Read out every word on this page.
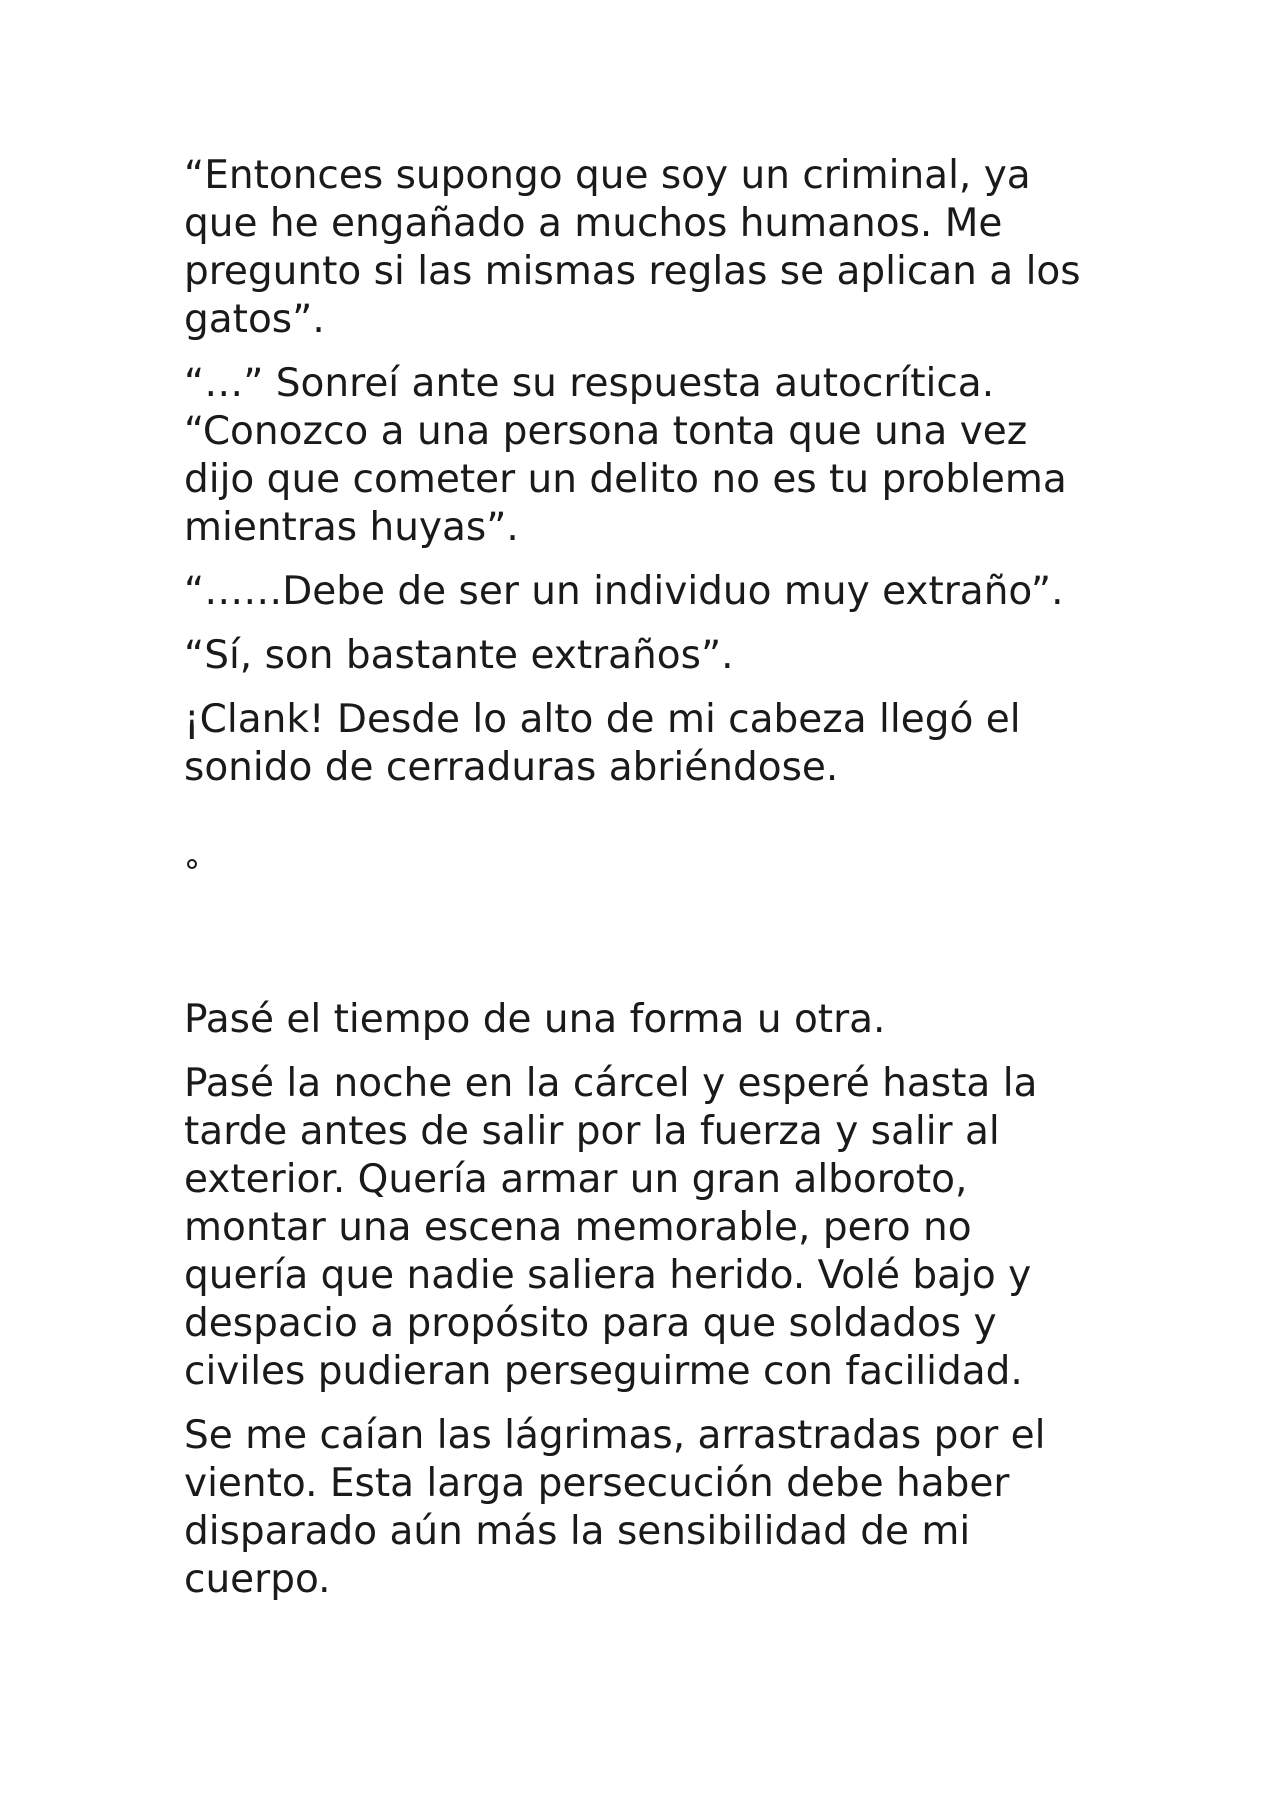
“Entonces supongo que soy un criminal, ya
que he engañado a muchos humanos. Me
pregunto si las mismas reglas se aplican a los
gatos”.

“…” Sonreí ante su respuesta autocrítica.
“Conozco a una persona tonta que una vez
dijo que cometer un delito no es tu problema
mientras huyas”.

“……Debe de ser un individuo muy extraño”.

“Sí, son bastante extraños”.

¡Clank! Desde lo alto de mi cabeza llegó el
sonido de cerraduras abriéndose.

°

Pasé el tiempo de una forma u otra.

Pasé la noche en la cárcel y esperé hasta la
tarde antes de salir por la fuerza y salir al
exterior. Quería armar un gran alboroto,
montar una escena memorable, pero no
quería que nadie saliera herido. Volé bajo y
despacio a propósito para que soldados y
civiles pudieran perseguirme con facilidad.

Se me caían las lágrimas, arrastradas por el
viento. Esta larga persecución debe haber
disparado aún más la sensibilidad de mi
cuerpo.
